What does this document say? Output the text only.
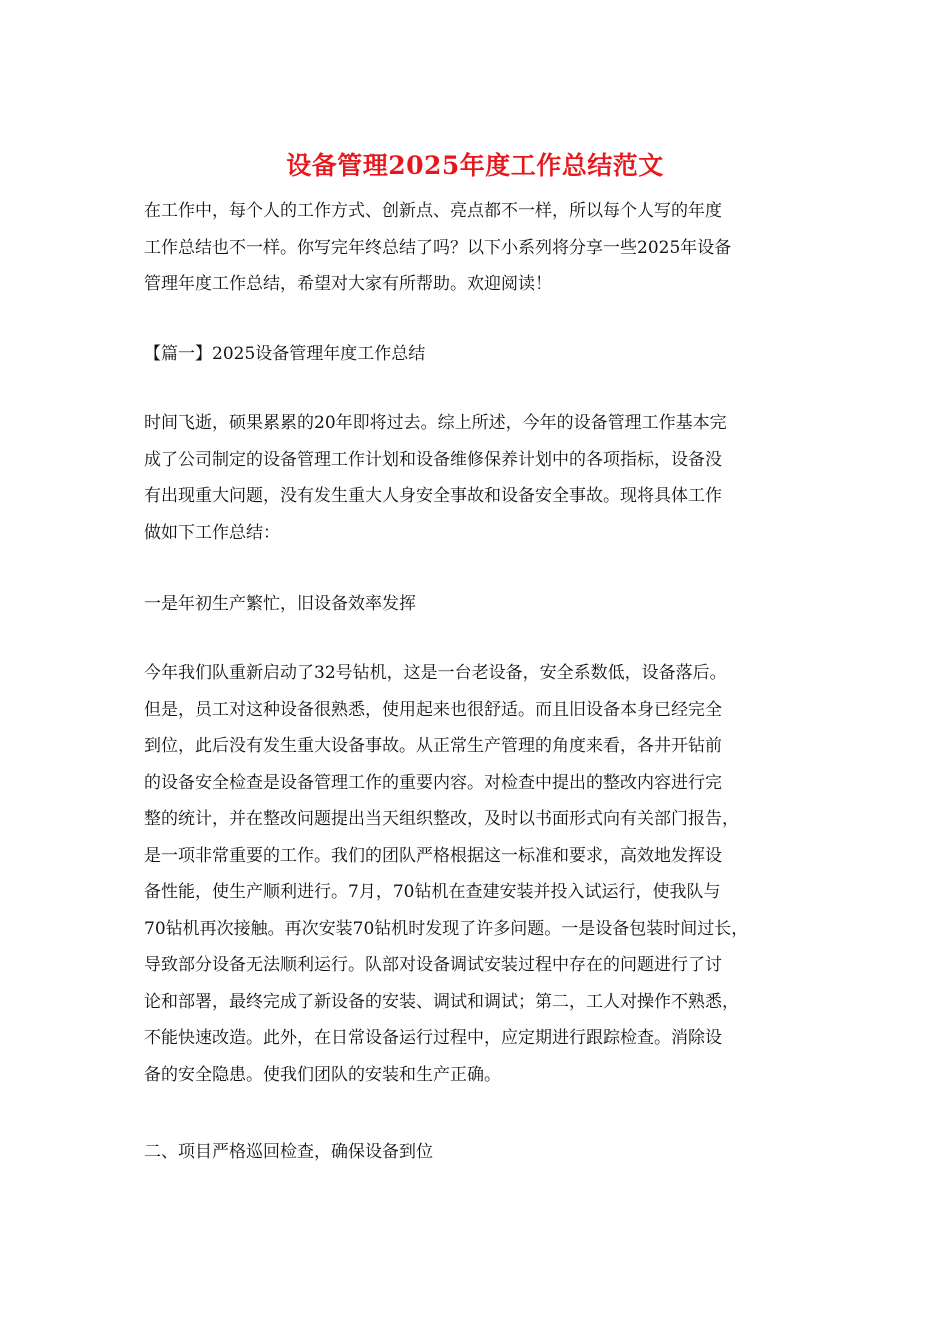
设备管理2025年度工作总结范文

在工作中，每个人的工作方式、创新点、亮点都不一样，所以每个人写的年度
工作总结也不一样。你写完年终总结了吗？以下小系列将分享一些2025年设备
管理年度工作总结，希望对大家有所帮助。欢迎阅读！

【篇一】2025设备管理年度工作总结

时间飞逝，硕果累累的20年即将过去。综上所述，今年的设备管理工作基本完
成了公司制定的设备管理工作计划和设备维修保养计划中的各项指标，设备没
有出现重大问题，没有发生重大人身安全事故和设备安全事故。现将具体工作
做如下工作总结：

一是年初生产繁忙，旧设备效率发挥

今年我们队重新启动了32号钻机，这是一台老设备，安全系数低，设备落后。
但是，员工对这种设备很熟悉，使用起来也很舒适。而且旧设备本身已经完全
到位，此后没有发生重大设备事故。从正常生产管理的角度来看，各井开钻前
的设备安全检查是设备管理工作的重要内容。对检查中提出的整改内容进行完
整的统计，并在整改问题提出当天组织整改，及时以书面形式向有关部门报告，
是一项非常重要的工作。我们的团队严格根据这一标准和要求，高效地发挥设
备性能，使生产顺利进行。7月，70钻机在查建安装并投入试运行，使我队与
70钻机再次接触。再次安装70钻机时发现了许多问题。一是设备包装时间过长，
导致部分设备无法顺利运行。队部对设备调试安装过程中存在的问题进行了讨
论和部署，最终完成了新设备的安装、调试和调试；第二，工人对操作不熟悉，
不能快速改造。此外，在日常设备运行过程中，应定期进行跟踪检查。消除设
备的安全隐患。使我们团队的安装和生产正确。

二、项目严格巡回检查，确保设备到位
